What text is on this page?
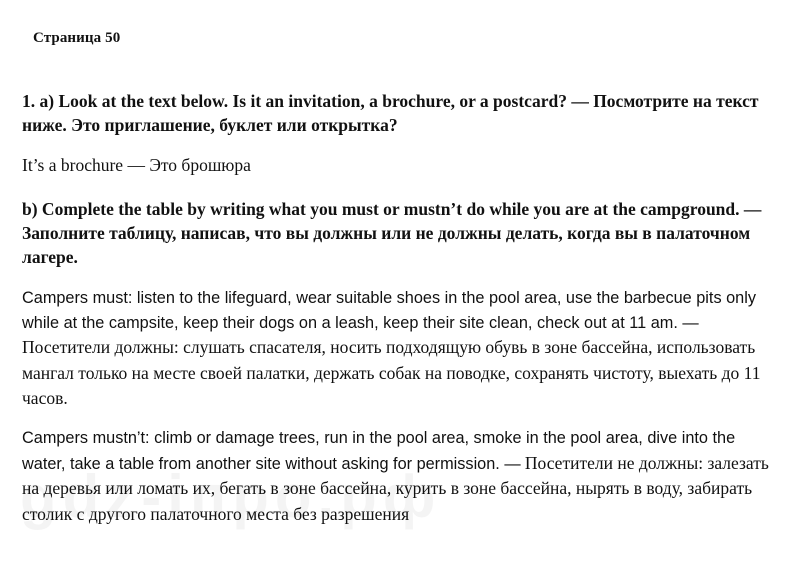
Страница 50

1. a) Look at the text below. Is it an invitation, a brochure, or a postcard? — Посмотрите на текст ниже. Это приглашение, буклет или открытка?

It’s a brochure — Это брошюра

b) Complete the table by writing what you must or mustn’t do while you are at the campground. — Заполните таблицу, написав, что вы должны или не должны делать, когда вы в палаточном лагере.

Campers must: listen to the lifeguard, wear suitable shoes in the pool area, use the barbecue pits only while at the campsite, keep their dogs on a leash, keep their site clean, check out at 11 am. — Посетители должны: слушать спасателя, носить подходящую обувь в зоне бассейна, использовать мангал только на месте своей палатки, держать собак на поводке, сохранять чистоту, выехать до 11 часов.

Campers mustn’t: climb or damage trees, run in the pool area, smoke in the pool area, dive into the water, take a table from another site without asking for permission. — Посетители не должны: залезать на деревья или ломать их, бегать в зоне бассейна, курить в зоне бассейна, нырять в воду, забирать столик с другого палаточного места без разрешения
